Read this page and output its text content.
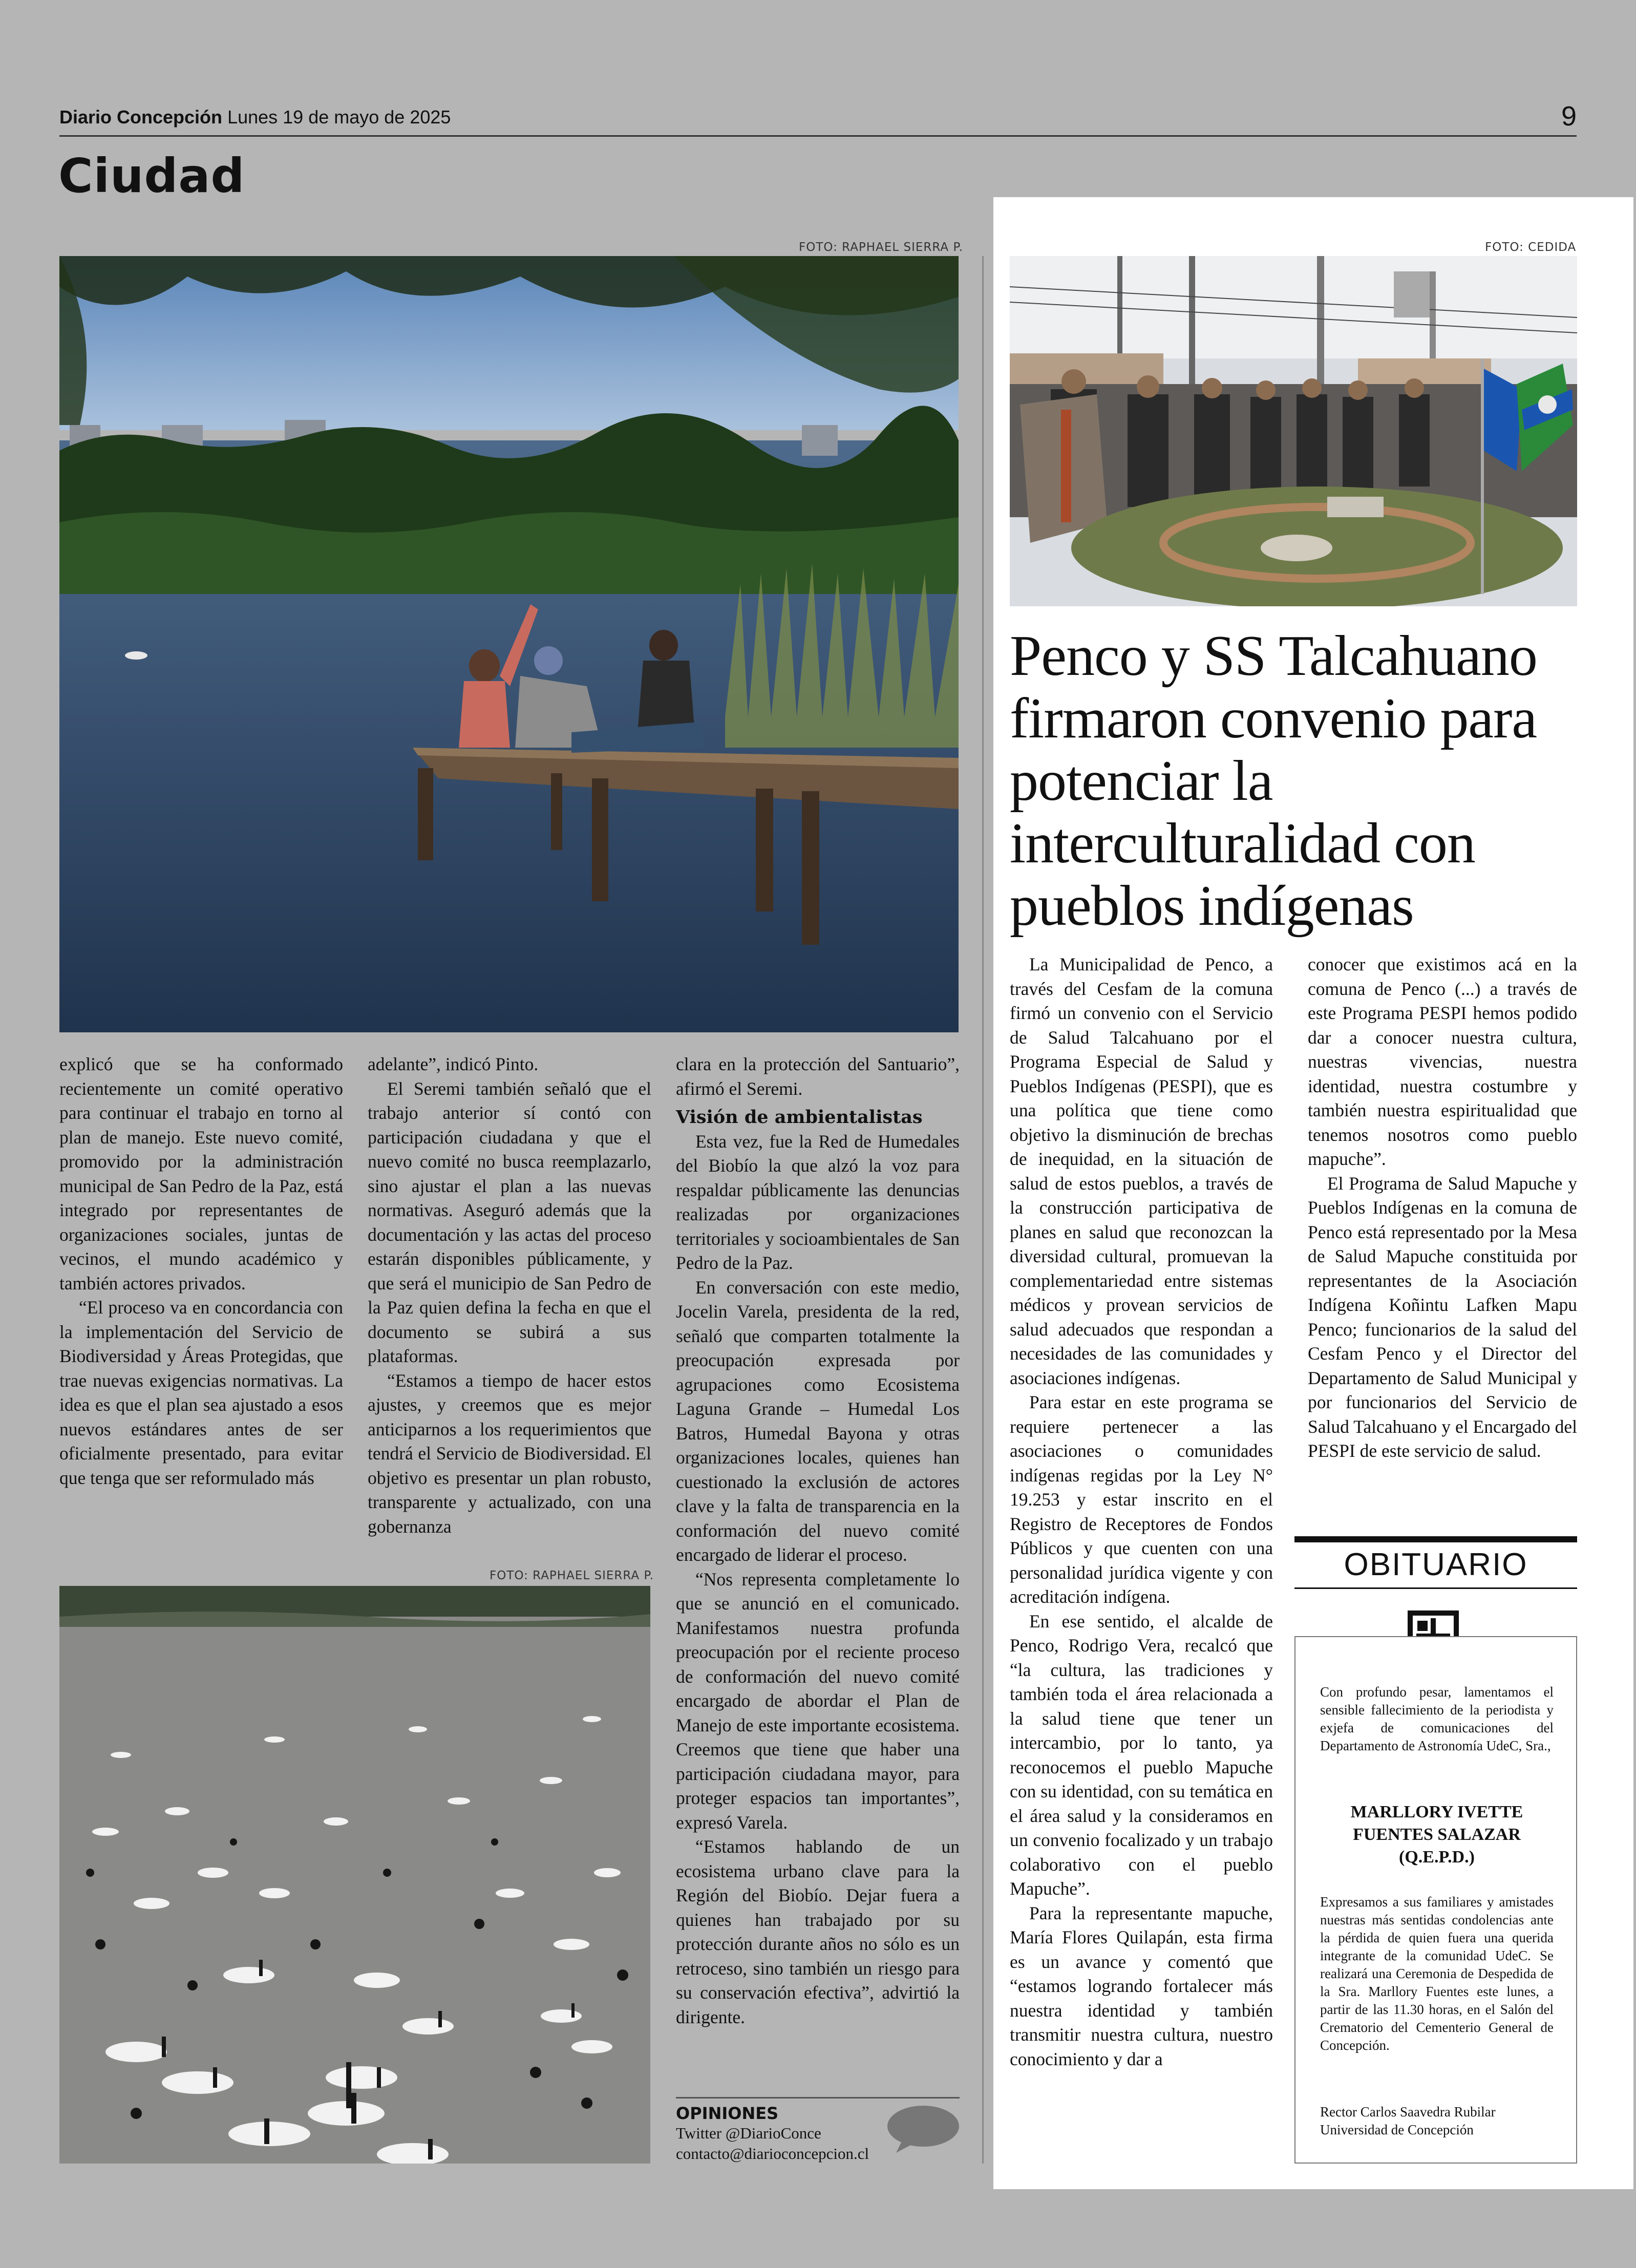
Diario Concepción Lunes 19 de mayo de 2025	9
Ciudad
FOTO: RAPHAEL SIERRA P.

explicó que se ha conformado recientemente un comité operativo para continuar el trabajo en torno al plan de manejo. Este nuevo comité, promovido por la administración municipal de San Pedro de la Paz, está integrado por representantes de organizaciones sociales, juntas de vecinos, el mundo académico y también actores privados.

“El proceso va en concordancia con la implementación del Servicio de Biodiversidad y Áreas Protegidas, que trae nuevas exigencias normativas. La idea es que el plan sea ajustado a esos nuevos estándares antes de ser oficialmente presentado, para evitar que tenga que ser reformulado más

adelante”, indicó Pinto.

El Seremi también señaló que el trabajo anterior sí contó con participación ciudadana y que el nuevo comité no busca reemplazarlo, sino ajustar el plan a las nuevas normativas. Aseguró además que la documentación y las actas del proceso estarán disponibles públicamente, y que será el municipio de San Pedro de la Paz quien defina la fecha en que el documento se subirá a sus plataformas.

“Estamos a tiempo de hacer estos ajustes, y creemos que es mejor anticiparnos a los requerimientos que tendrá el Servicio de Biodiversidad. El objetivo es presentar un plan robusto, transparente y actualizado, con una gobernanza

FOTO: RAPHAEL SIERRA P.

clara en la protección del Santuario”, afirmó el Seremi.

Visión de ambientalistas

Esta vez, fue la Red de Humedales del Biobío la que alzó la voz para respaldar públicamente las denuncias realizadas por organizaciones territoriales y socioambientales de San Pedro de la Paz.

En conversación con este medio, Jocelin Varela, presidenta de la red, señaló que comparten totalmente la preocupación expresada por agrupaciones como Ecosistema Laguna Grande – Humedal Los Batros, Humedal Bayona y otras organizaciones locales, quienes han cuestionado la exclusión de actores clave y la falta de transparencia en la conformación del nuevo comité encargado de liderar el proceso.

“Nos representa completamente lo que se anunció en el comunicado. Manifestamos nuestra profunda preocupación por el reciente proceso de conformación del nuevo comité encargado de abordar el Plan de Manejo de este importante ecosistema. Creemos que tiene que haber una participación ciudadana mayor, para proteger espacios tan importantes”, expresó Varela.

“Estamos hablando de un ecosistema urbano clave para la Región del Biobío. Dejar fuera a quienes han trabajado por su protección durante años no sólo es un retroceso, sino también un riesgo para su conservación efectiva”, advirtió la dirigente.

OPINIONES
Twitter @DiarioConce
contacto@diarioconcepcion.cl
FOTO: CEDIDA
Penco y SS Talcahuano firmaron convenio para potenciar la interculturalidad con pueblos indígenas

La Municipalidad de Penco, a través del Cesfam de la comuna firmó un convenio con el Servicio de Salud Talcahuano por el Programa Especial de Salud y Pueblos Indígenas (PESPI), que es una política que tiene como objetivo la disminución de brechas de inequidad, en la situación de salud de estos pueblos, a través de la construcción participativa de planes en salud que reconozcan la diversidad cultural, promuevan la complementariedad entre sistemas médicos y provean servicios de salud adecuados que respondan a necesidades de las comunidades y asociaciones indígenas.

Para estar en este programa se requiere pertenecer a las asociaciones o comunidades indígenas regidas por la Ley N° 19.253 y estar inscrito en el Registro de Receptores de Fondos Públicos y que cuenten con una personalidad jurídica vigente y con acreditación indígena.

En ese sentido, el alcalde de Penco, Rodrigo Vera, recalcó que “la cultura, las tradiciones y también toda el área relacionada a la salud tiene que tener un intercambio, por lo tanto, ya reconocemos el pueblo Mapuche con su identidad, con su temática en el área salud y la consideramos en un convenio focalizado y un trabajo colaborativo con el pueblo Mapuche”.

Para la representante mapuche, María Flores Quilapán, esta firma es un avance y comentó que “estamos logrando fortalecer más nuestra identidad y también transmitir nuestra cultura, nuestro conocimiento y dar a

conocer que existimos acá en la comuna de Penco (...) a través de este Programa PESPI hemos podido dar a conocer nuestra cultura, nuestras vivencias, nuestra identidad, nuestra costumbre y también nuestra espiritualidad que tenemos nosotros como pueblo mapuche”.

El Programa de Salud Mapuche y Pueblos Indígenas en la comuna de Penco está representado por la Mesa de Salud Mapuche constituida por representantes de la Asociación Indígena Koñintu Lafken Mapu Penco; funcionarios de la salud del Cesfam Penco y el Director del Departamento de Salud Municipal y por funcionarios del Servicio de Salud Talcahuano y el Encargado del PESPI de este servicio de salud.

OBITUARIO
Con profundo pesar, lamentamos el sensible fallecimiento de la periodista y exjefa de comunicaciones del Departamento de Astronomía UdeC, Sra.,
MARLLORY IVETTE
FUENTES SALAZAR
(Q.E.P.D.)
Expresamos a sus familiares y amistades nuestras más sentidas condolencias ante la pérdida de quien fuera una querida integrante de la comunidad UdeC. Se realizará una Ceremonia de Despedida de la Sra. Marllory Fuentes este lunes, a partir de las 11.30 horas, en el Salón del Crematorio del Cementerio General de Concepción.
Rector Carlos Saavedra Rubilar
Universidad de Concepción
